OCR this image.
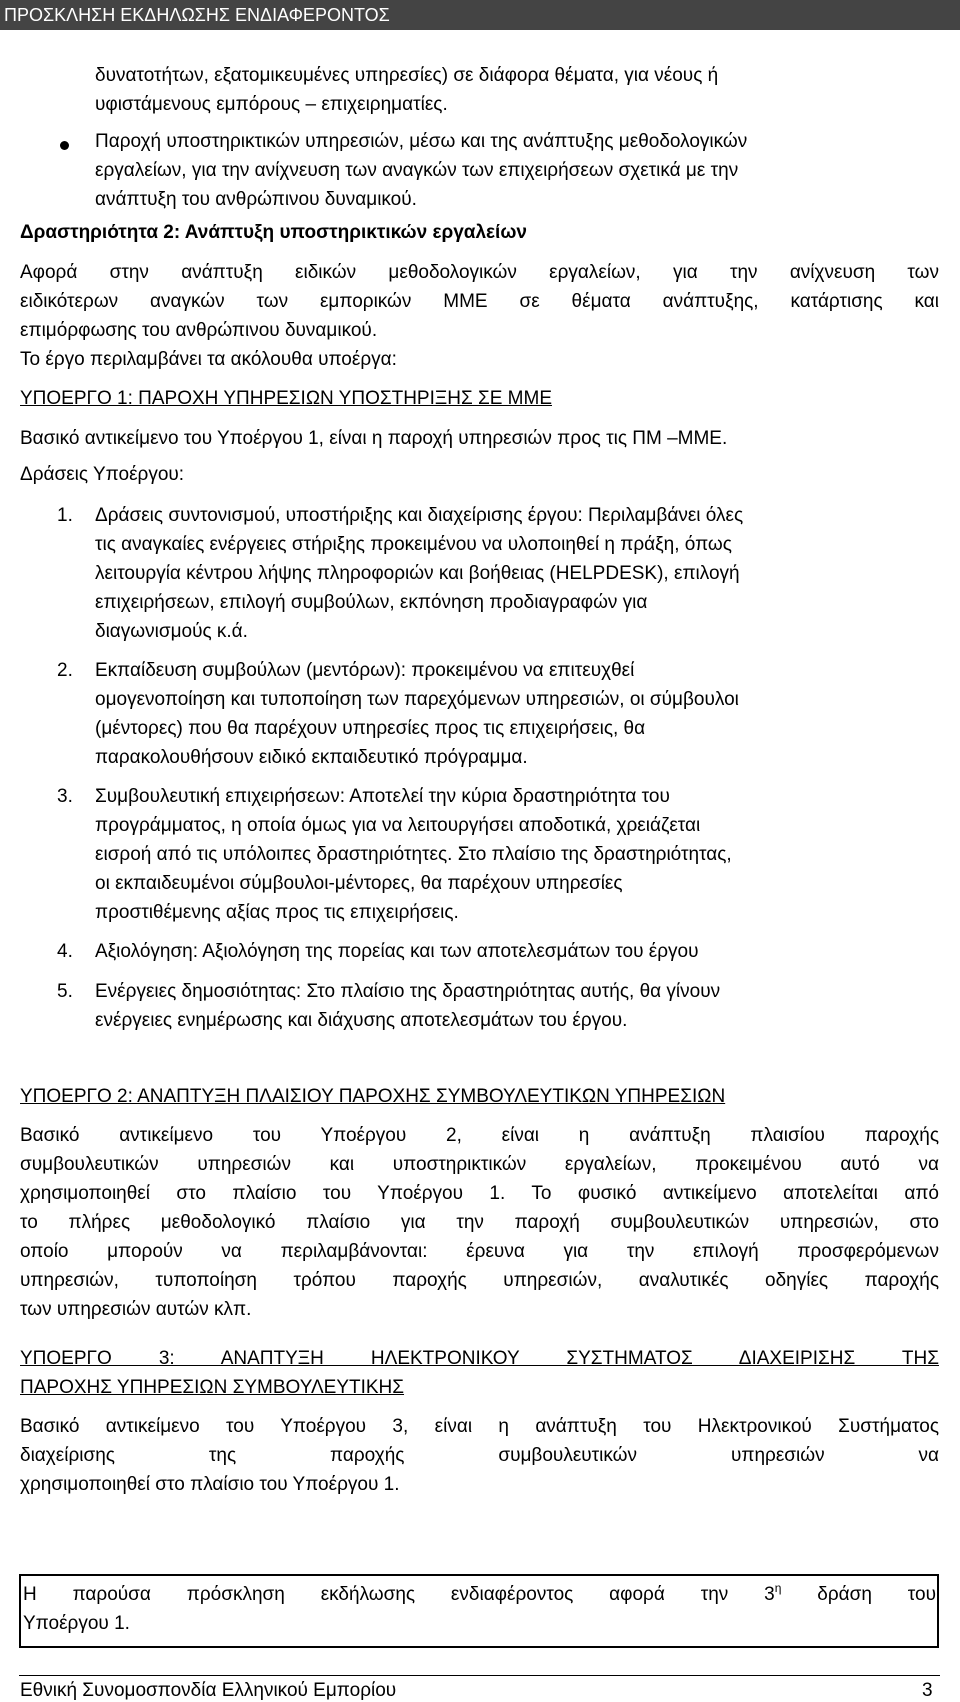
ΠΡΟΣΚΛΗΣΗ ΕΚΔΗΛΩΣΗΣ ΕΝΔΙΑΦΕΡΟΝΤΟΣ
δυνατοτήτων, εξατομικευμένες υπηρεσίες) σε διάφορα θέματα, για νέους ή
υφιστάμενους εμπόρους – επιχειρηματίες.
Παροχή υποστηρικτικών υπηρεσιών, μέσω και της ανάπτυξης μεθοδολογικών
εργαλείων, για την ανίχνευση των αναγκών των επιχειρήσεων σχετικά με την
ανάπτυξη του ανθρώπινου δυναμικού.
Δραστηριότητα 2: Ανάπτυξη υποστηρικτικών εργαλείων
Αφορά στην ανάπτυξη ειδικών μεθοδολογικών εργαλείων, για την ανίχνευση των
ειδικότερων αναγκών των εμπορικών ΜΜΕ σε θέματα ανάπτυξης, κατάρτισης και
επιμόρφωσης του ανθρώπινου δυναμικού.
Το έργο περιλαμβάνει τα ακόλουθα υποέργα:
ΥΠΟΕΡΓΟ 1: ΠΑΡΟΧΗ ΥΠΗΡΕΣΙΩΝ ΥΠΟΣΤΗΡΙΞΗΣ ΣΕ ΜΜΕ
Βασικό αντικείμενο του Υποέργου 1, είναι η παροχή υπηρεσιών προς τις ΠΜ –ΜΜΕ.
Δράσεις Υποέργου:
1. Δράσεις συντονισμού, υποστήριξης και διαχείρισης έργου: Περιλαμβάνει όλες
τις αναγκαίες ενέργειες στήριξης προκειμένου να υλοποιηθεί η πράξη, όπως
λειτουργία κέντρου λήψης πληροφοριών και βοήθειας (HELPDESK), επιλογή
επιχειρήσεων, επιλογή συμβούλων, εκπόνηση προδιαγραφών για
διαγωνισμούς κ.ά.
2. Εκπαίδευση συμβούλων (μεντόρων): προκειμένου να επιτευχθεί
ομογενοποίηση και τυποποίηση των παρεχόμενων υπηρεσιών, οι σύμβουλοι
(μέντορες) που θα παρέχουν υπηρεσίες προς τις επιχειρήσεις, θα
παρακολουθήσουν ειδικό εκπαιδευτικό πρόγραμμα.
3. Συμβουλευτική επιχειρήσεων: Αποτελεί την κύρια δραστηριότητα του
προγράμματος, η οποία όμως για να λειτουργήσει αποδοτικά, χρειάζεται
εισροή από τις υπόλοιπες δραστηριότητες. Στο πλαίσιο της δραστηριότητας,
οι εκπαιδευμένοι σύμβουλοι-μέντορες, θα παρέχουν υπηρεσίες
προστιθέμενης αξίας προς τις επιχειρήσεις.
4. Αξιολόγηση: Αξιολόγηση της πορείας και των αποτελεσμάτων του έργου
5. Ενέργειες δημοσιότητας: Στο πλαίσιο της δραστηριότητας αυτής, θα γίνουν
ενέργειες ενημέρωσης και διάχυσης αποτελεσμάτων του έργου.
ΥΠΟΕΡΓΟ 2: ΑΝΑΠΤΥΞΗ ΠΛΑΙΣΙΟΥ ΠΑΡΟΧΗΣ ΣΥΜΒΟΥΛΕΥΤΙΚΩΝ ΥΠΗΡΕΣΙΩΝ
Βασικό αντικείμενο του Υποέργου 2, είναι η ανάπτυξη πλαισίου παροχής
συμβουλευτικών υπηρεσιών και υποστηρικτικών εργαλείων, προκειμένου αυτό να
χρησιμοποιηθεί στο πλαίσιο του Υποέργου 1. Το φυσικό αντικείμενο αποτελείται από
το πλήρες μεθοδολογικό πλαίσιο για την παροχή συμβουλευτικών υπηρεσιών, στο
οποίο μπορούν να περιλαμβάνονται: έρευνα για την επιλογή προσφερόμενων
υπηρεσιών, τυποποίηση τρόπου παροχής υπηρεσιών, αναλυτικές οδηγίες παροχής
των υπηρεσιών αυτών κλπ.
ΥΠΟΕΡΓΟ 3: ΑΝΑΠΤΥΞΗ ΗΛΕΚΤΡΟΝΙΚΟΥ ΣΥΣΤΗΜΑΤΟΣ ΔΙΑΧΕΙΡΙΣΗΣ ΤΗΣ
ΠΑΡΟΧΗΣ ΥΠΗΡΕΣΙΩΝ ΣΥΜΒΟΥΛΕΥΤΙΚΗΣ
Βασικό αντικείμενο του Υποέργου 3, είναι η ανάπτυξη του Ηλεκτρονικού Συστήματος
διαχείρισης της παροχής συμβουλευτικών υπηρεσιών να
χρησιμοποιηθεί στο πλαίσιο του Υποέργου 1.
Η παρούσα πρόσκληση εκδήλωσης ενδιαφέροντος αφορά την $3^\eta$ δράση του
Υποέργου 1.
Εθνική Συνομοσπονδία Ελληνικού Εμπορίου	3
